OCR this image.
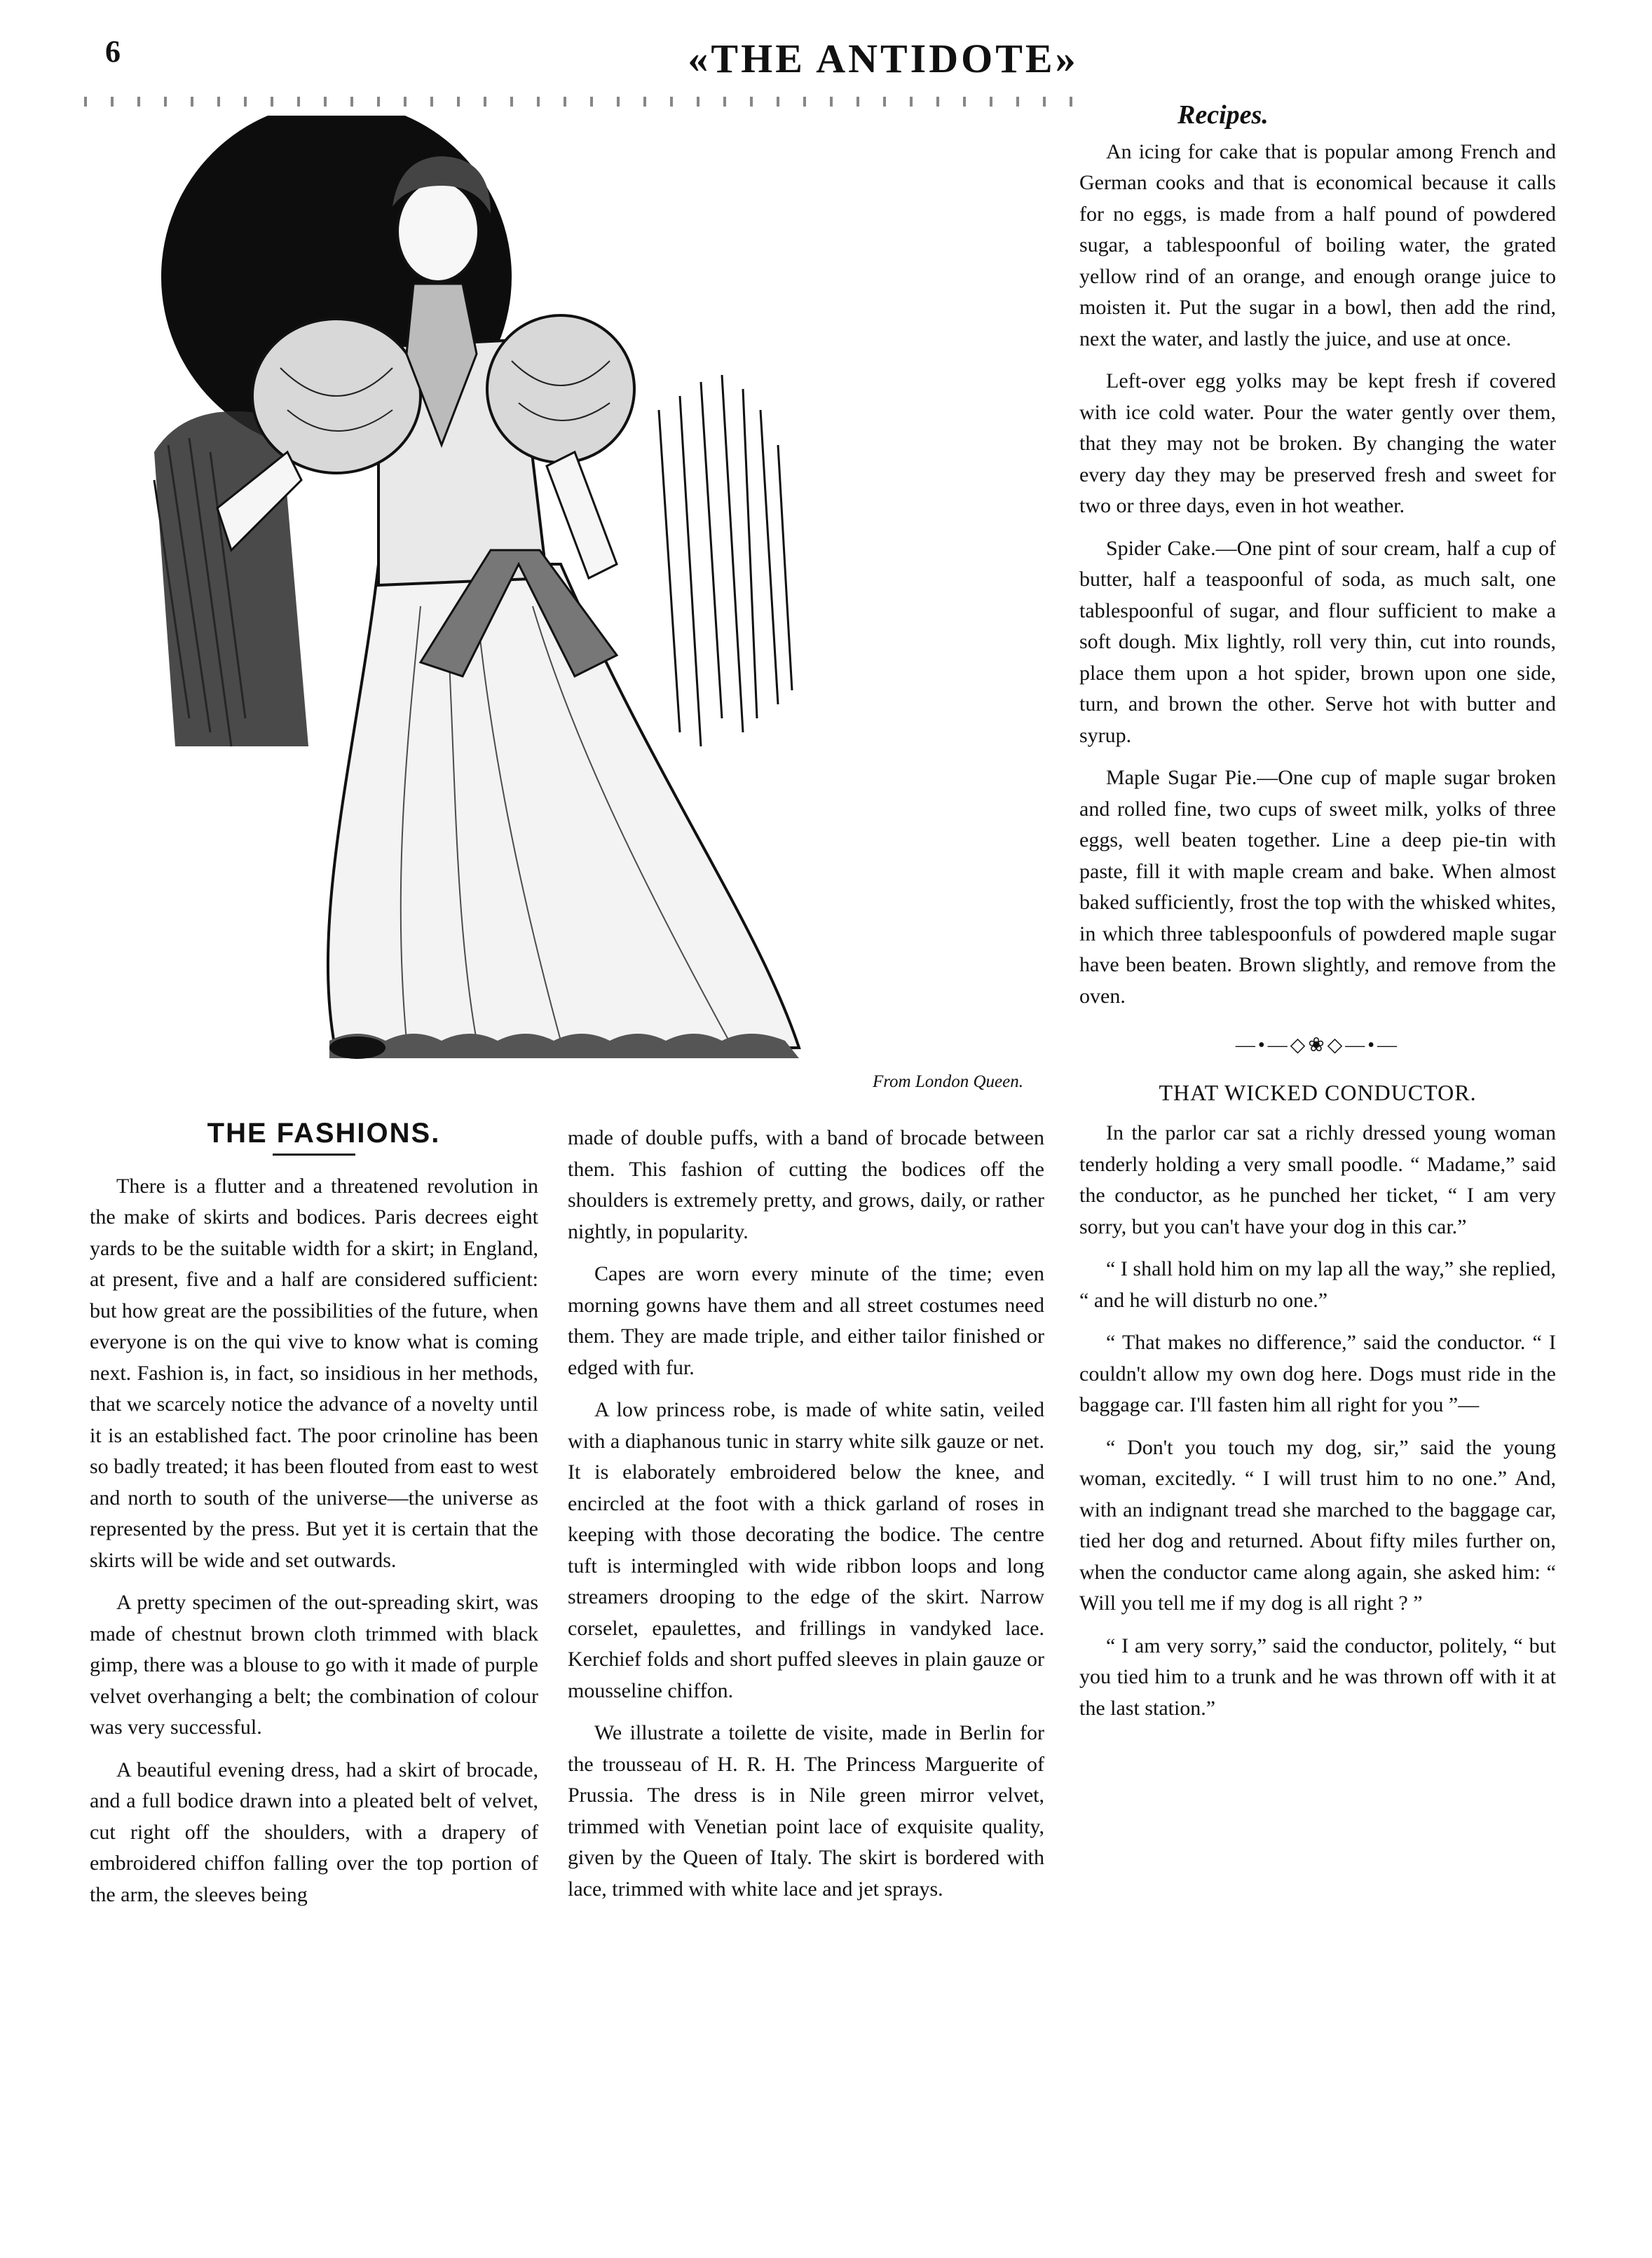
6	«THE ANTIDOTE»
From London Queen.
THE FASHIONS.

There is a flutter and a threatened revolution in the make of skirts and bodices. Paris decrees eight yards to be the suitable width for a skirt; in England, at present, five and a half are considered sufficient: but how great are the possibilities of the future, when everyone is on the qui vive to know what is coming next. Fashion is, in fact, so insidious in her methods, that we scarcely notice the advance of a novelty until it is an established fact. The poor crinoline has been so badly treated; it has been flouted from east to west and north to south of the universe—the universe as represented by the press. But yet it is certain that the skirts will be wide and set outwards.

A pretty specimen of the out-spreading skirt, was made of chestnut brown cloth trimmed with black gimp, there was a blouse to go with it made of purple velvet overhanging a belt; the combination of colour was very successful.

A beautiful evening dress, had a skirt of brocade, and a full bodice drawn into a pleated belt of velvet, cut right off the shoulders, with a drapery of embroidered chiffon falling over the top portion of the arm, the sleeves being

made of double puffs, with a band of brocade between them. This fashion of cutting the bodices off the shoulders is extremely pretty, and grows, daily, or rather nightly, in popularity.

Capes are worn every minute of the time; even morning gowns have them and all street costumes need them. They are made triple, and either tailor finished or edged with fur.

A low princess robe, is made of white satin, veiled with a diaphanous tunic in starry white silk gauze or net. It is elaborately embroidered below the knee, and encircled at the foot with a thick garland of roses in keeping with those decorating the bodice. The centre tuft is intermingled with wide ribbon loops and long streamers drooping to the edge of the skirt. Narrow corselet, epaulettes, and frillings in vandyked lace. Kerchief folds and short puffed sleeves in plain gauze or mousseline chiffon.

We illustrate a toilette de visite, made in Berlin for the trousseau of H. R. H. The Princess Marguerite of Prussia. The dress is in Nile green mirror velvet, trimmed with Venetian point lace of exquisite quality, given by the Queen of Italy. The skirt is bordered with lace, trimmed with white lace and jet sprays.

Recipes.

An icing for cake that is popular among French and German cooks and that is economical because it calls for no eggs, is made from a half pound of powdered sugar, a tablespoonful of boiling water, the grated yellow rind of an orange, and enough orange juice to moisten it. Put the sugar in a bowl, then add the rind, next the water, and lastly the juice, and use at once.

Left-over egg yolks may be kept fresh if covered with ice cold water. Pour the water gently over them, that they may not be broken. By changing the water every day they may be preserved fresh and sweet for two or three days, even in hot weather.

Spider Cake.—One pint of sour cream, half a cup of butter, half a teaspoonful of soda, as much salt, one tablespoonful of sugar, and flour sufficient to make a soft dough. Mix lightly, roll very thin, cut into rounds, place them upon a hot spider, brown upon one side, turn, and brown the other. Serve hot with butter and syrup.

Maple Sugar Pie.—One cup of maple sugar broken and rolled fine, two cups of sweet milk, yolks of three eggs, well beaten together. Line a deep pie-tin with paste, fill it with maple cream and bake. When almost baked sufficiently, frost the top with the whisked whites, in which three tablespoonfuls of powdered maple sugar have been beaten. Brown slightly, and remove from the oven.

—•—◇❀◇—•—
THAT WICKED CONDUCTOR.

In the parlor car sat a richly dressed young woman tenderly holding a very small poodle. “ Madame,” said the conductor, as he punched her ticket, “ I am very sorry, but you can't have your dog in this car.”

“ I shall hold him on my lap all the way,” she replied, “ and he will disturb no one.”

“ That makes no difference,” said the conductor. “ I couldn't allow my own dog here. Dogs must ride in the baggage car. I'll fasten him all right for you ”—

“ Don't you touch my dog, sir,” said the young woman, excitedly. “ I will trust him to no one.” And, with an indignant tread she marched to the baggage car, tied her dog and returned. About fifty miles further on, when the conductor came along again, she asked him: “ Will you tell me if my dog is all right ? ”

“ I am very sorry,” said the conductor, politely, “ but you tied him to a trunk and he was thrown off with it at the last station.”
